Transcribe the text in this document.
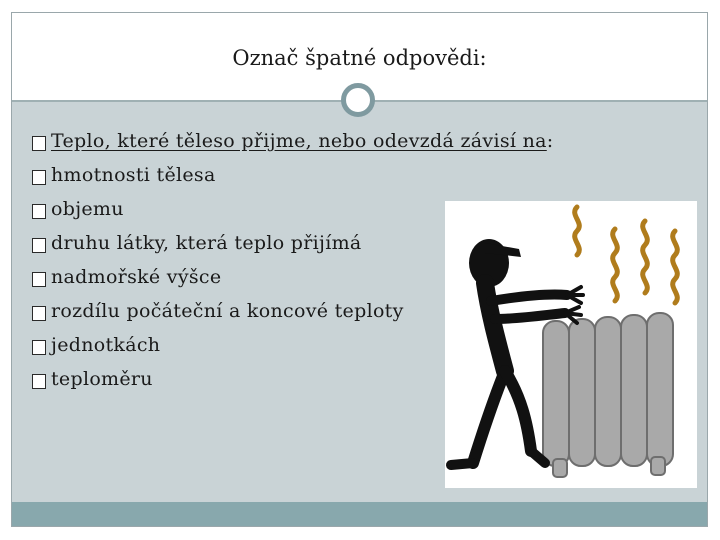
Označ špatné odpovědi:
Teplo, které těleso přijme, nebo odevzdá závisí na:
hmotnosti tělesa
objemu
druhu látky, která teplo přijímá
nadmořské výšce
rozdílu počáteční a koncové teploty
jednotkách
teploměru
